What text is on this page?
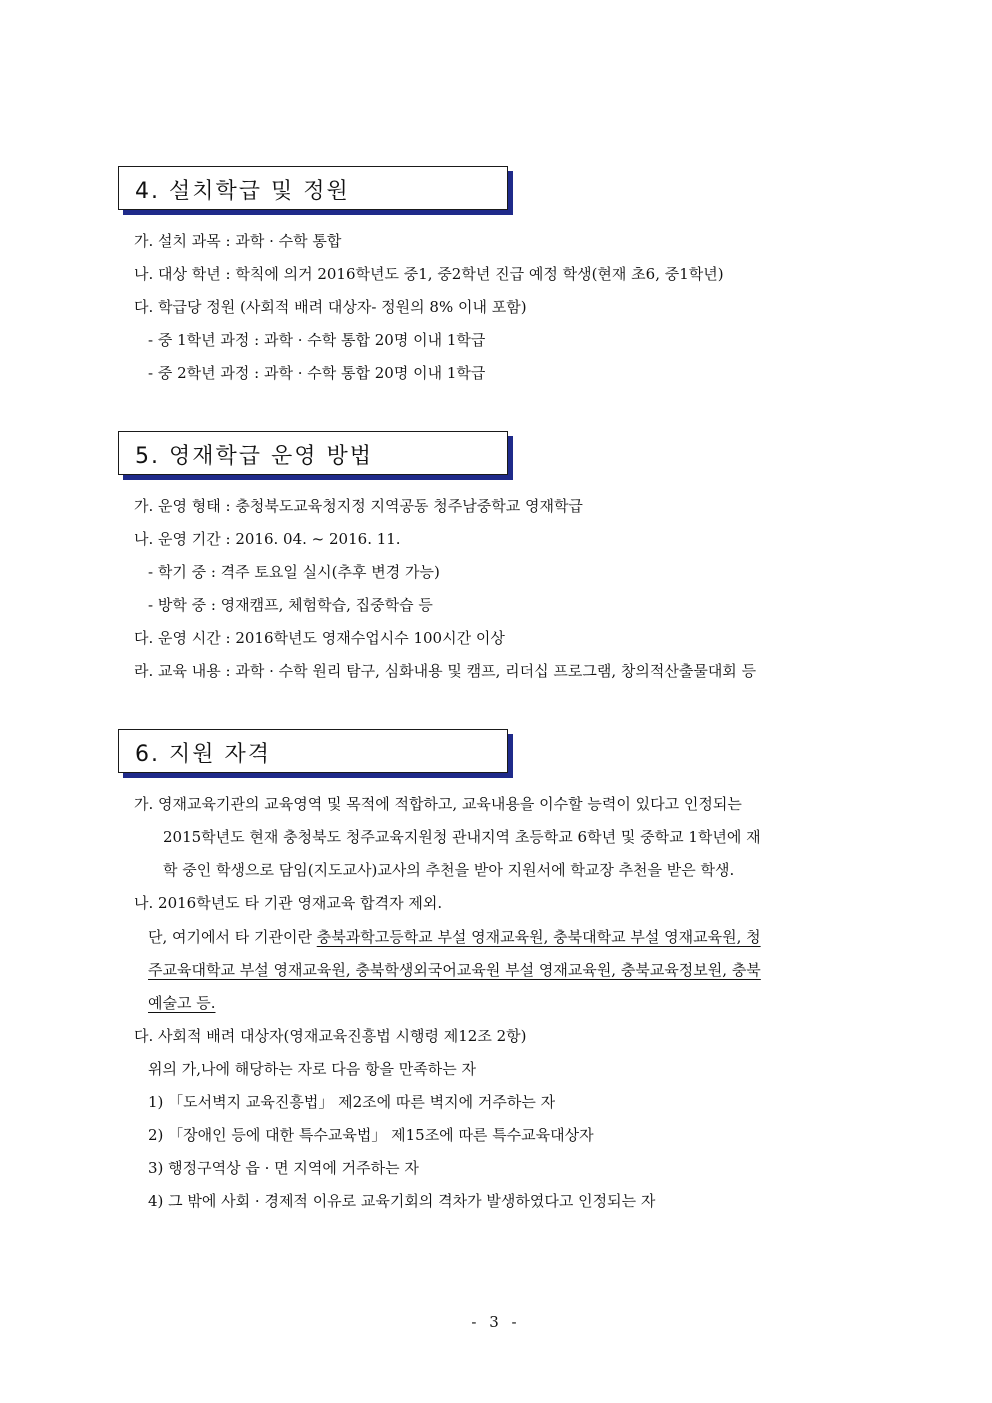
4. 설치학급 및 정원
가. 설치 과목 : 과학 · 수학 통합
나. 대상 학년 : 학칙에 의거 2016학년도 중1, 중2학년 진급 예정 학생(현재 초6, 중1학년)
다. 학급당 정원 (사회적 배려 대상자- 정원의 8% 이내 포함)
- 중 1학년 과정 : 과학 · 수학 통합 20명 이내 1학급
- 중 2학년 과정 : 과학 · 수학 통합 20명 이내 1학급
5. 영재학급 운영 방법
가. 운영 형태 : 충청북도교육청지정 지역공동 청주남중학교 영재학급
나. 운영 기간 : 2016. 04. ~ 2016. 11.
- 학기 중 : 격주 토요일 실시(추후 변경 가능)
- 방학 중 : 영재캠프, 체험학습, 집중학습 등
다. 운영 시간 : 2016학년도 영재수업시수 100시간 이상
라. 교육 내용 : 과학 · 수학 원리 탐구, 심화내용 및 캠프, 리더십 프로그램, 창의적산출물대회 등
6. 지원 자격
가. 영재교육기관의 교육영역 및 목적에 적합하고, 교육내용을 이수할 능력이 있다고 인정되는
2015학년도 현재 충청북도 청주교육지원청 관내지역 초등학교 6학년 및 중학교 1학년에 재
학 중인 학생으로 담임(지도교사)교사의 추천을 받아 지원서에 학교장 추천을 받은 학생.
나. 2016학년도 타 기관 영재교육 합격자 제외.
단, 여기에서 타 기관이란 충북과학고등학교 부설 영재교육원, 충북대학교 부설 영재교육원, 청
주교육대학교 부설 영재교육원, 충북학생외국어교육원 부설 영재교육원, 충북교육정보원, 충북
예술고 등.
다. 사회적 배려 대상자(영재교육진흥법 시행령 제12조 2항)
위의 가,나에 해당하는 자로 다음 항을 만족하는 자
1) 「도서벽지 교육진흥법」 제2조에 따른 벽지에 거주하는 자
2) 「장애인 등에 대한 특수교육법」 제15조에 따른 특수교육대상자
3) 행정구역상 읍 · 면 지역에 거주하는 자
4) 그 밖에 사회 · 경제적 이유로 교육기회의 격차가 발생하였다고 인정되는 자
- 3 -
